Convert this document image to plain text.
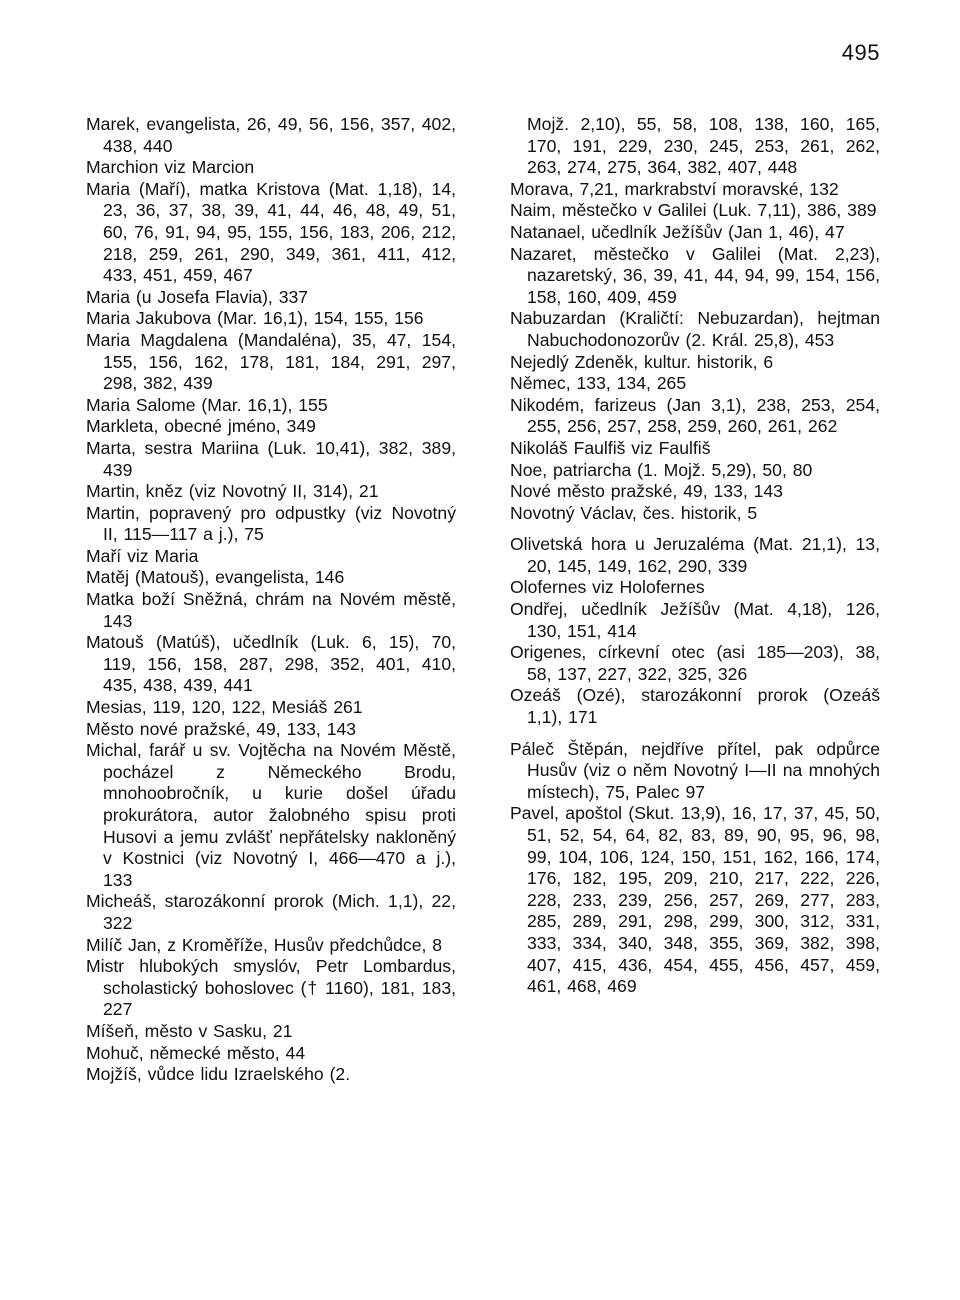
495

Marek, evangelista, 26, 49, 56, 156, 357, 402, 438, 440

Marchion viz Marcion

Maria (Maří), matka Kristova (Mat. 1,18), 14, 23, 36, 37, 38, 39, 41, 44, 46, 48, 49, 51, 60, 76, 91, 94, 95, 155, 156, 183, 206, 212, 218, 259, 261, 290, 349, 361, 411, 412, 433, 451, 459, 467

Maria (u Josefa Flavia), 337

Maria Jakubova (Mar. 16,1), 154, 155, 156

Maria Magdalena (Mandaléna), 35, 47, 154, 155, 156, 162, 178, 181, 184, 291, 297, 298, 382, 439

Maria Salome (Mar. 16,1), 155

Markleta, obecné jméno, 349

Marta, sestra Mariina (Luk. 10,41), 382, 389, 439

Martin, kněz (viz Novotný II, 314), 21

Martin, popravený pro odpustky (viz Novotný II, 115—117 a j.), 75

Maří viz Maria

Matěj (Matouš), evangelista, 146

Matka boží Sněžná, chrám na Novém městě, 143

Matouš (Matúš), učedlník (Luk. 6, 15), 70, 119, 156, 158, 287, 298, 352, 401, 410, 435, 438, 439, 441

Mesias, 119, 120, 122, Mesiáš 261

Město nové pražské, 49, 133, 143

Michal, farář u sv. Vojtěcha na Novém Městě, pocházel z Německého Brodu, mnohoobročník, u kurie došel úřadu prokurátora, autor žalobného spisu proti Husovi a jemu zvlášť nepřátelsky nakloněný v Kostnici (viz Novotný I, 466—470 a j.), 133

Micheáš, starozákonní prorok (Mich. 1,1), 22, 322

Milíč Jan, z Kroměříže, Husův předchůdce, 8

Mistr hlubokých smyslóv, Petr Lombardus, scholastický bohoslovec († 1160), 181, 183, 227

Míšeň, město v Sasku, 21

Mohuč, německé město, 44

Mojžíš, vůdce lidu Izraelského (2.

Mojž. 2,10), 55, 58, 108, 138, 160, 165, 170, 191, 229, 230, 245, 253, 261, 262, 263, 274, 275, 364, 382, 407, 448

Morava, 7,21, markrabství moravské, 132

Naim, městečko v Galilei (Luk. 7,11), 386, 389

Natanael, učedlník Ježíšův (Jan 1, 46), 47

Nazaret, městečko v Galilei (Mat. 2,23), nazaretský, 36, 39, 41, 44, 94, 99, 154, 156, 158, 160, 409, 459

Nabuzardan (Kraličtí: Nebuzardan), hejtman Nabuchodonozorův (2. Král. 25,8), 453

Nejedlý Zdeněk, kultur. historik, 6

Němec, 133, 134, 265

Nikodém, farizeus (Jan 3,1), 238, 253, 254, 255, 256, 257, 258, 259, 260, 261, 262

Nikoláš Faulfiš viz Faulfiš

Noe, patriarcha (1. Mojž. 5,29), 50, 80

Nové město pražské, 49, 133, 143

Novotný Václav, čes. historik, 5

Olivetská hora u Jeruzaléma (Mat. 21,1), 13, 20, 145, 149, 162, 290, 339

Olofernes viz Holofernes

Ondřej, učedlník Ježíšův (Mat. 4,18), 126, 130, 151, 414

Origenes, církevní otec (asi 185—203), 38, 58, 137, 227, 322, 325, 326

Ozeáš (Ozé), starozákonní prorok (Ozeáš 1,1), 171

Páleč Štěpán, nejdříve přítel, pak odpůrce Husův (viz o něm Novotný I—II na mnohých místech), 75, Palec 97

Pavel, apoštol (Skut. 13,9), 16, 17, 37, 45, 50, 51, 52, 54, 64, 82, 83, 89, 90, 95, 96, 98, 99, 104, 106, 124, 150, 151, 162, 166, 174, 176, 182, 195, 209, 210, 217, 222, 226, 228, 233, 239, 256, 257, 269, 277, 283, 285, 289, 291, 298, 299, 300, 312, 331, 333, 334, 340, 348, 355, 369, 382, 398, 407, 415, 436, 454, 455, 456, 457, 459, 461, 468, 469
